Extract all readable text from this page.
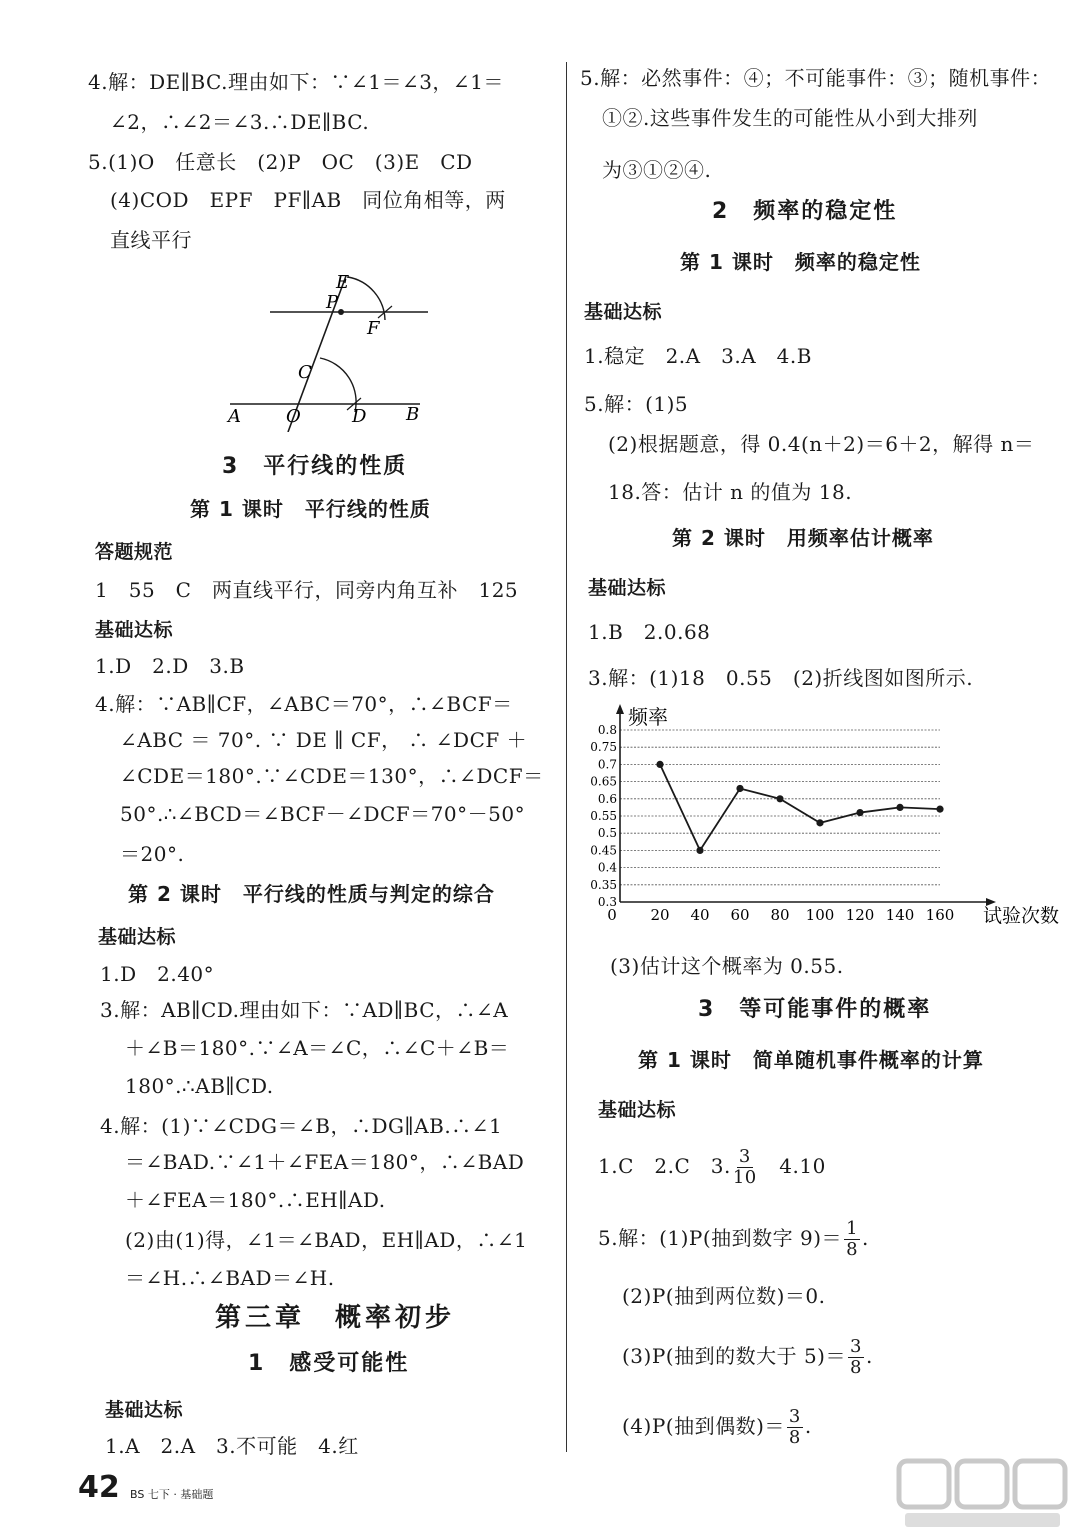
4.解：DE∥BC.理由如下：∵∠1＝∠3，∠1＝
∠2，∴∠2＝∠3.∴DE∥BC.
5.(1)O　任意长　(2)P　OC　(3)E　CD
(4)COD　EPF　PF∥AB　同位角相等，两
直线平行
E
P
F
C
A	O	D B
3　平行线的性质
第 1 课时　平行线的性质
答题规范
1　55　C　两直线平行，同旁内角互补　125
基础达标
1.D　2.D　3.B
4.解：∵AB∥CF，∠ABC＝70°，∴∠BCF＝
∠ABC ＝ 70°. ∵ DE ∥ CF， ∴ ∠DCF ＋
∠CDE＝180°.∵∠CDE＝130°，∴∠DCF＝
50°.∴∠BCD＝∠BCF－∠DCF＝70°－50°
＝20°.
第 2 课时　平行线的性质与判定的综合
基础达标
1.D　2.40°
3.解：AB∥CD.理由如下：∵AD∥BC，∴∠A
＋∠B＝180°.∵∠A＝∠C，∴∠C＋∠B＝
180°.∴AB∥CD.
4.解：(1)∵∠CDG＝∠B，∴DG∥AB.∴∠1
＝∠BAD.∵∠1＋∠FEA＝180°，∴∠BAD
＋∠FEA＝180°.∴EH∥AD.
(2)由(1)得，∠1＝∠BAD，EH∥AD，∴∠1
＝∠H.∴∠BAD＝∠H.
第三章　概率初步
1　感受可能性
基础达标
1.A　2.A　3.不可能　4.红
5.解：必然事件：④；不可能事件：③；随机事件：
①②.这些事件发生的可能性从小到大排列
为③①②④.
2　频率的稳定性
第 1 课时　频率的稳定性
基础达标
1.稳定　2.A　3.A　4.B
5.解：(1)5
(2)根据题意，得 0.4(n＋2)＝6＋2，解得 n＝
18.答：估计 n 的值为 18.
第 2 课时　用频率估计概率
基础达标
1.B　2.0.68
3.解：(1)18　0.55　(2)折线图如图所示.
0.3
0.35
0.4
0.45
0.5
0.55
0.6
0.65
0.7
0.75
0.8
0 20 40 60 80 100 120 140 160
频率
试验次数
(3)估计这个概率为 0.55.
3　等可能事件的概率
第 1 课时　简单随机事件概率的计算
基础达标
1.C　2.C　3. $\frac{3}{10}$ 　4.10
5.解：(1)P(抽到数字 $9)= \frac{1}{8}$ .
(2)P(抽到两位数)＝0.
(3)P(抽到的数大于 $5)= \frac{3}{8}$ .
(4)P(抽到偶数)＝ $\frac{3}{8}$ .
42 BS 七下 · 基础题
